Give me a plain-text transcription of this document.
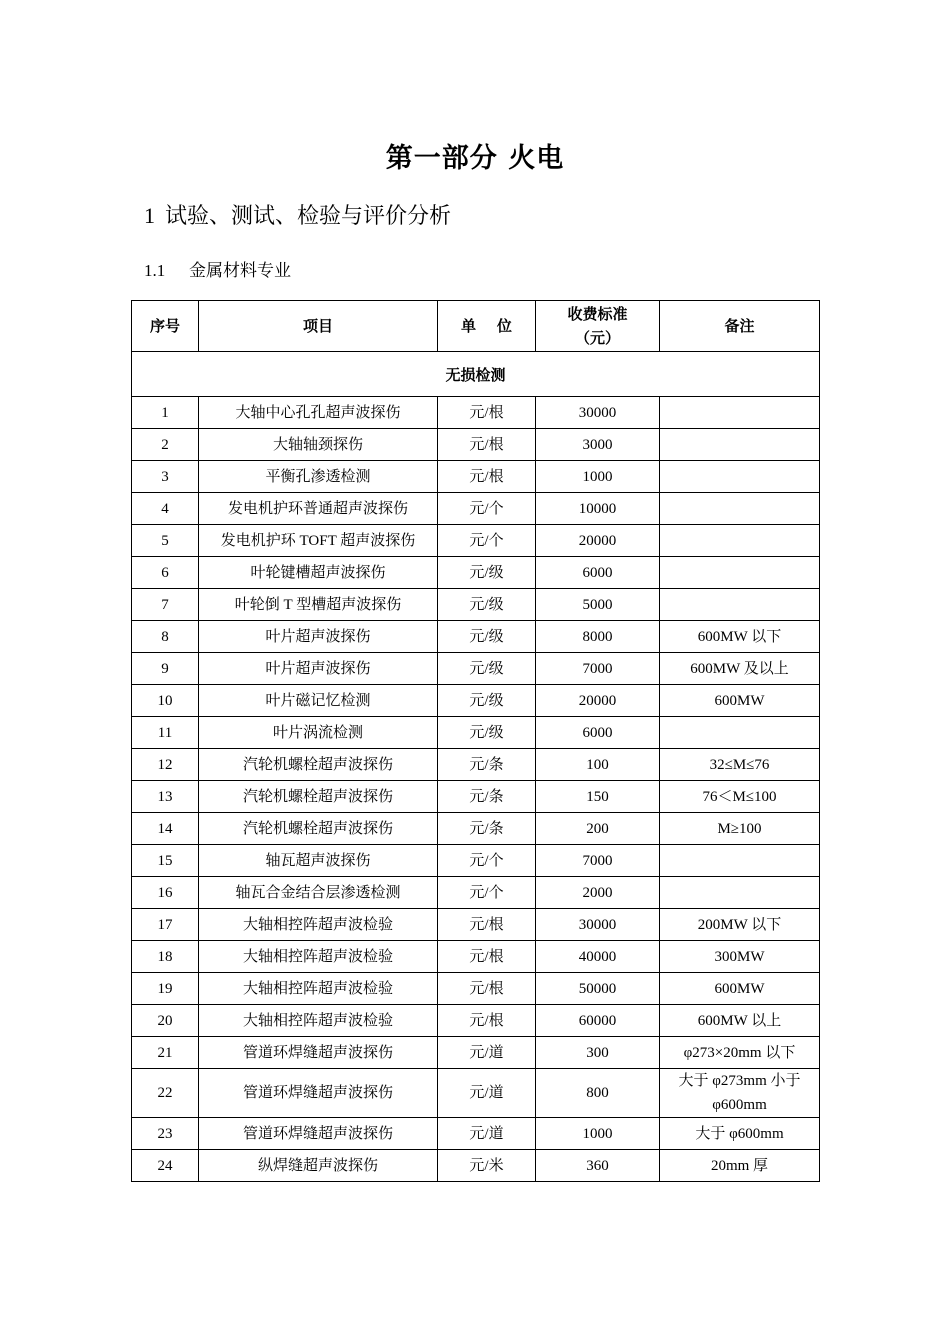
第一部分 火电
1 试验、测试、检验与评价分析
1.1 金属材料专业
序号	项目	单    位	收费标准（元）	备注
无损检测				
1	大轴中心孔孔超声波探伤	元/根	30000	
2	大轴轴颈探伤	元/根	3000	
3	平衡孔渗透检测	元/根	1000	
4	发电机护环普通超声波探伤	元/个	10000	
5	发电机护环 TOFT 超声波探伤	元/个	20000	
6	叶轮键槽超声波探伤	元/级	6000	
7	叶轮倒 T 型槽超声波探伤	元/级	5000	
8	叶片超声波探伤	元/级	8000	600MW 以下
9	叶片超声波探伤	元/级	7000	600MW 及以上
10	叶片磁记忆检测	元/级	20000	600MW
11	叶片涡流检测	元/级	6000	
12	汽轮机螺栓超声波探伤	元/条	100	32≤M≤76
13	汽轮机螺栓超声波探伤	元/条	150	76＜M≤100
14	汽轮机螺栓超声波探伤	元/条	200	M≥100
15	轴瓦超声波探伤	元/个	7000	
16	轴瓦合金结合层渗透检测	元/个	2000	
17	大轴相控阵超声波检验	元/根	30000	200MW 以下
18	大轴相控阵超声波检验	元/根	40000	300MW
19	大轴相控阵超声波检验	元/根	50000	600MW
20	大轴相控阵超声波检验	元/根	60000	600MW 以上
21	管道环焊缝超声波探伤	元/道	300	φ273×20mm 以下
22	管道环焊缝超声波探伤	元/道	800	大于 φ273mm 小于 φ600mm
23	管道环焊缝超声波探伤	元/道	1000	大于 φ600mm
24	纵焊缝超声波探伤	元/米	360	20mm 厚
